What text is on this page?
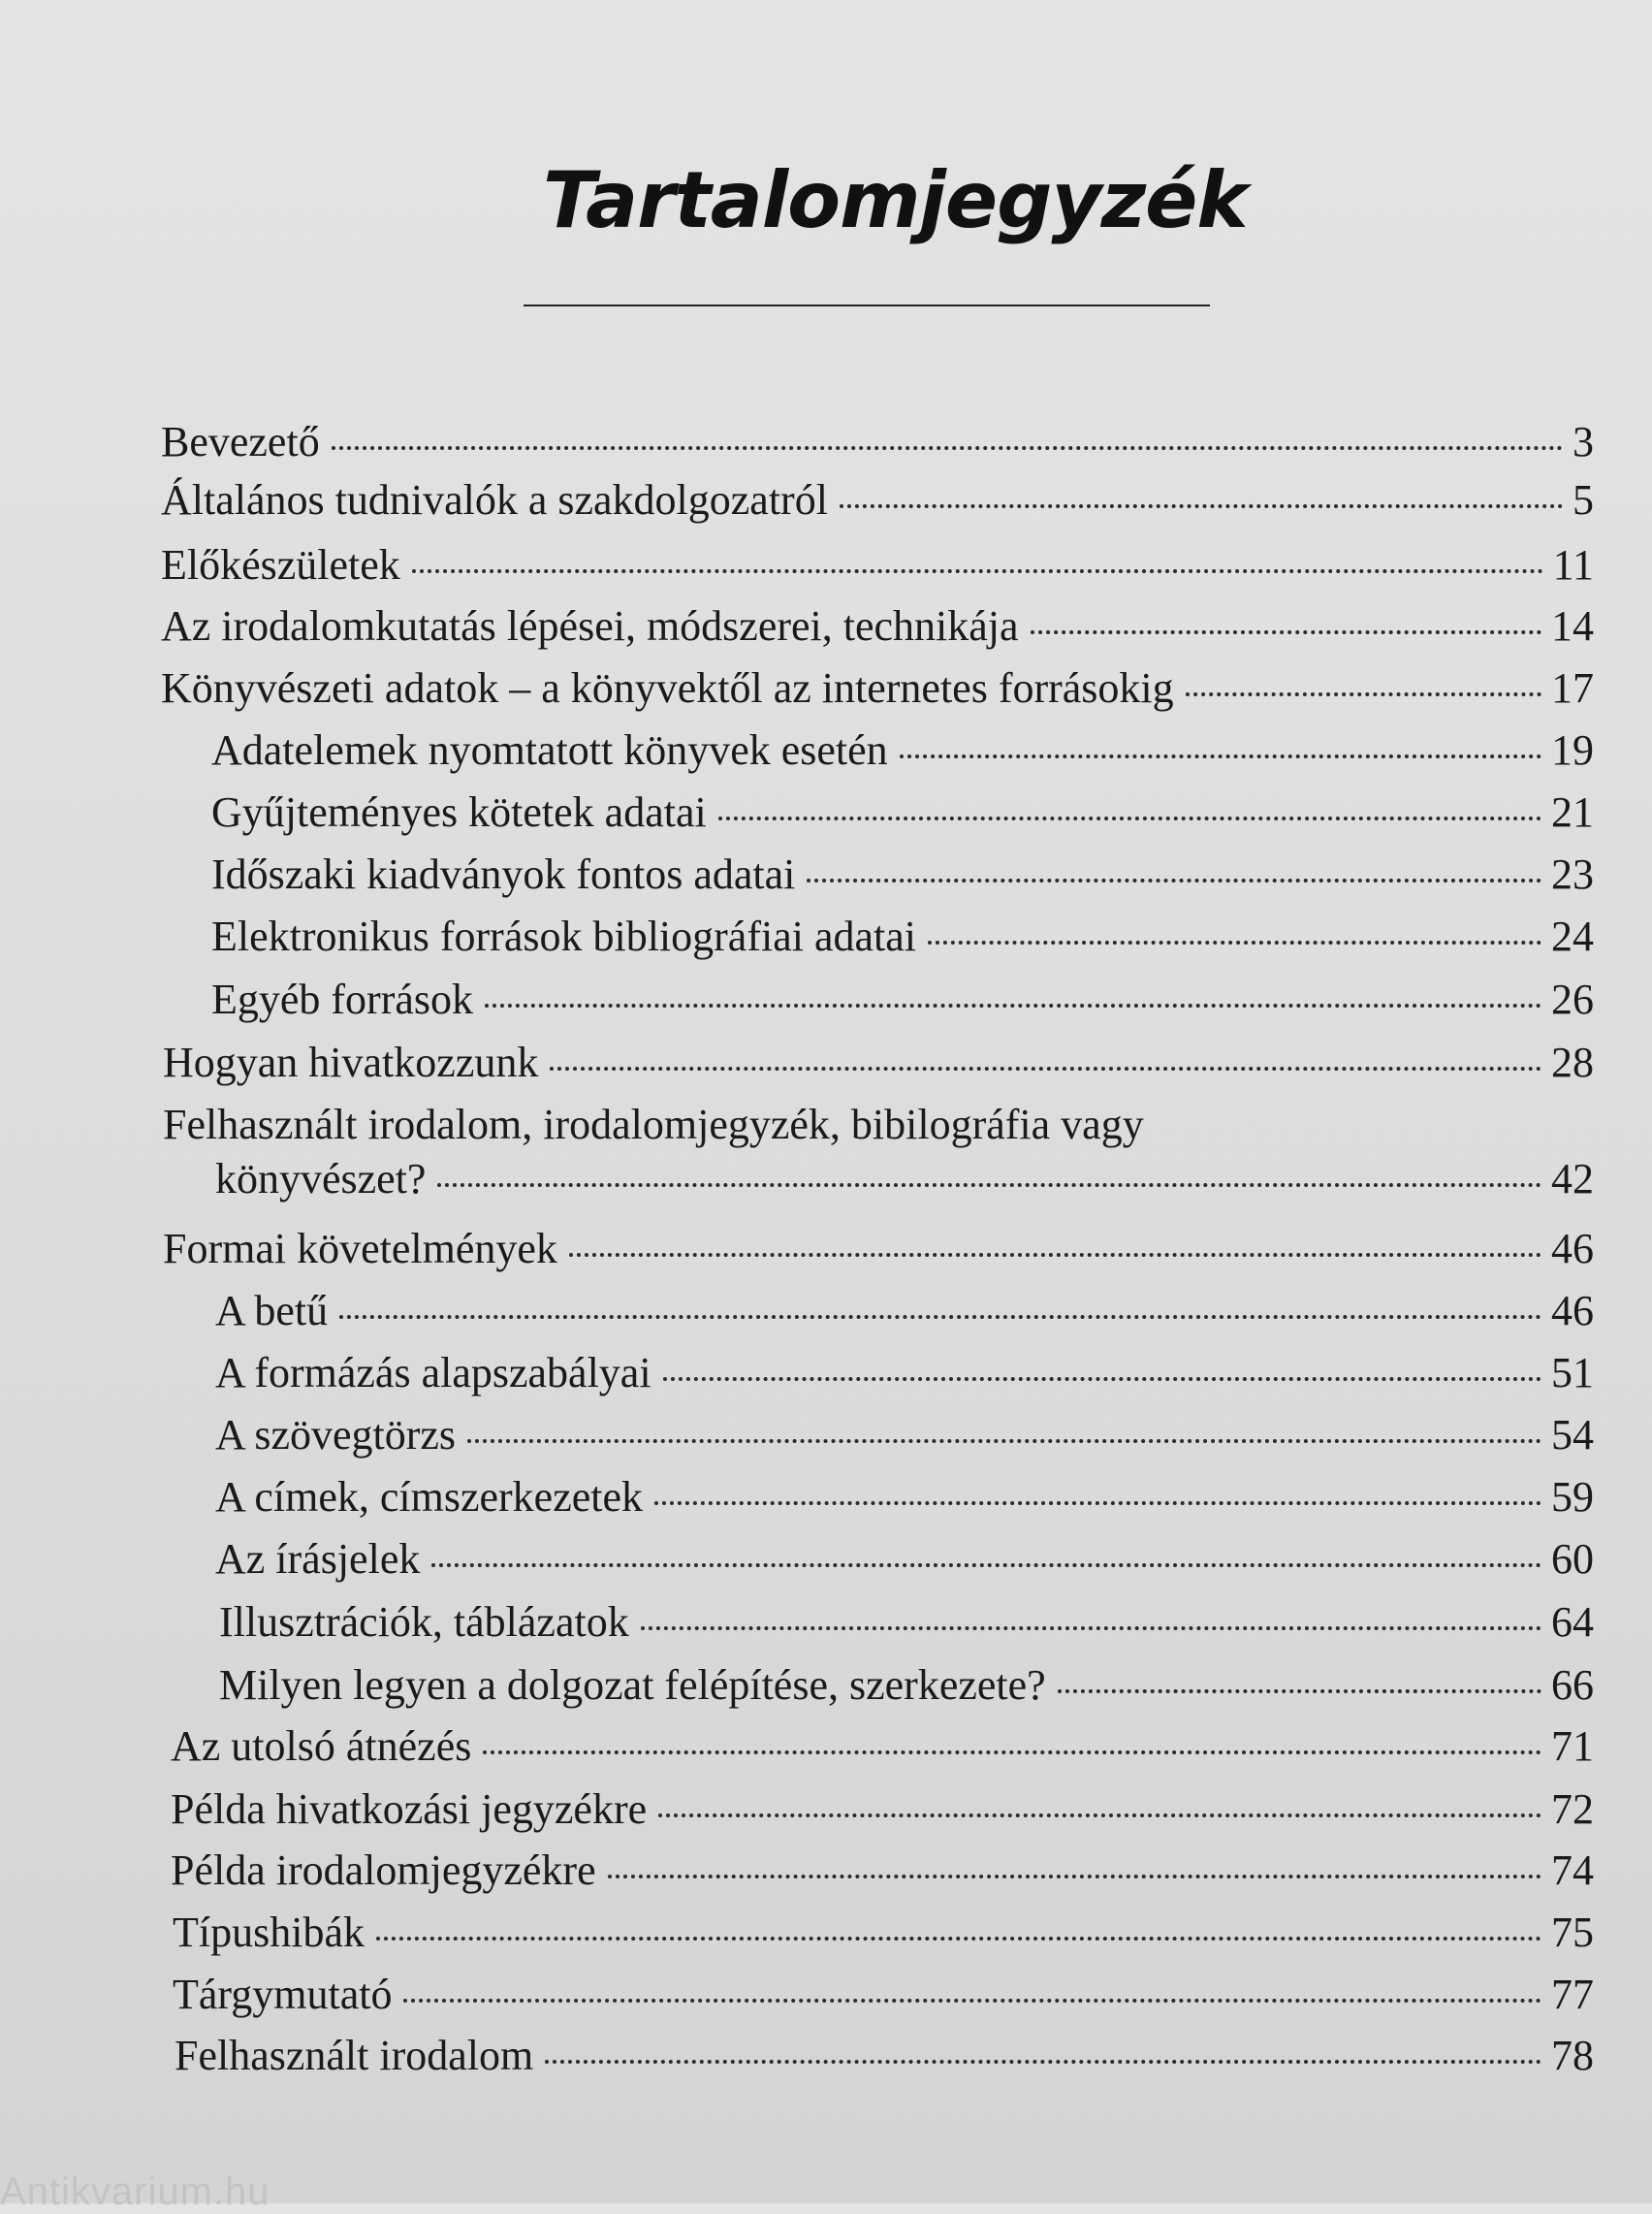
Tartalomjegyzék
Bevezető	3
Általános tudnivalók a szakdolgozatról	5
Előkészületek	11
Az irodalomkutatás lépései, módszerei, technikája	14
Könyvészeti adatok – a könyvektől az internetes forrásokig	17
Adatelemek nyomtatott könyvek esetén	19
Gyűjteményes kötetek adatai	21
Időszaki kiadványok fontos adatai	23
Elektronikus források bibliográfiai adatai	24
Egyéb források	26
Hogyan hivatkozzunk	28
Felhasznált irodalom, irodalomjegyzék, bibilográfia vagy
könyvészet?	42
Formai követelmények	46
A betű	46
A formázás alapszabályai	51
A szövegtörzs	54
A címek, címszerkezetek	59
Az írásjelek	60
Illusztrációk, táblázatok	64
Milyen legyen a dolgozat felépítése, szerkezete?	66
Az utolsó átnézés	71
Példa hivatkozási jegyzékre	72
Példa irodalomjegyzékre	74
Típushibák	75
Tárgymutató	77
Felhasznált irodalom	78
Antikvarium.hu
